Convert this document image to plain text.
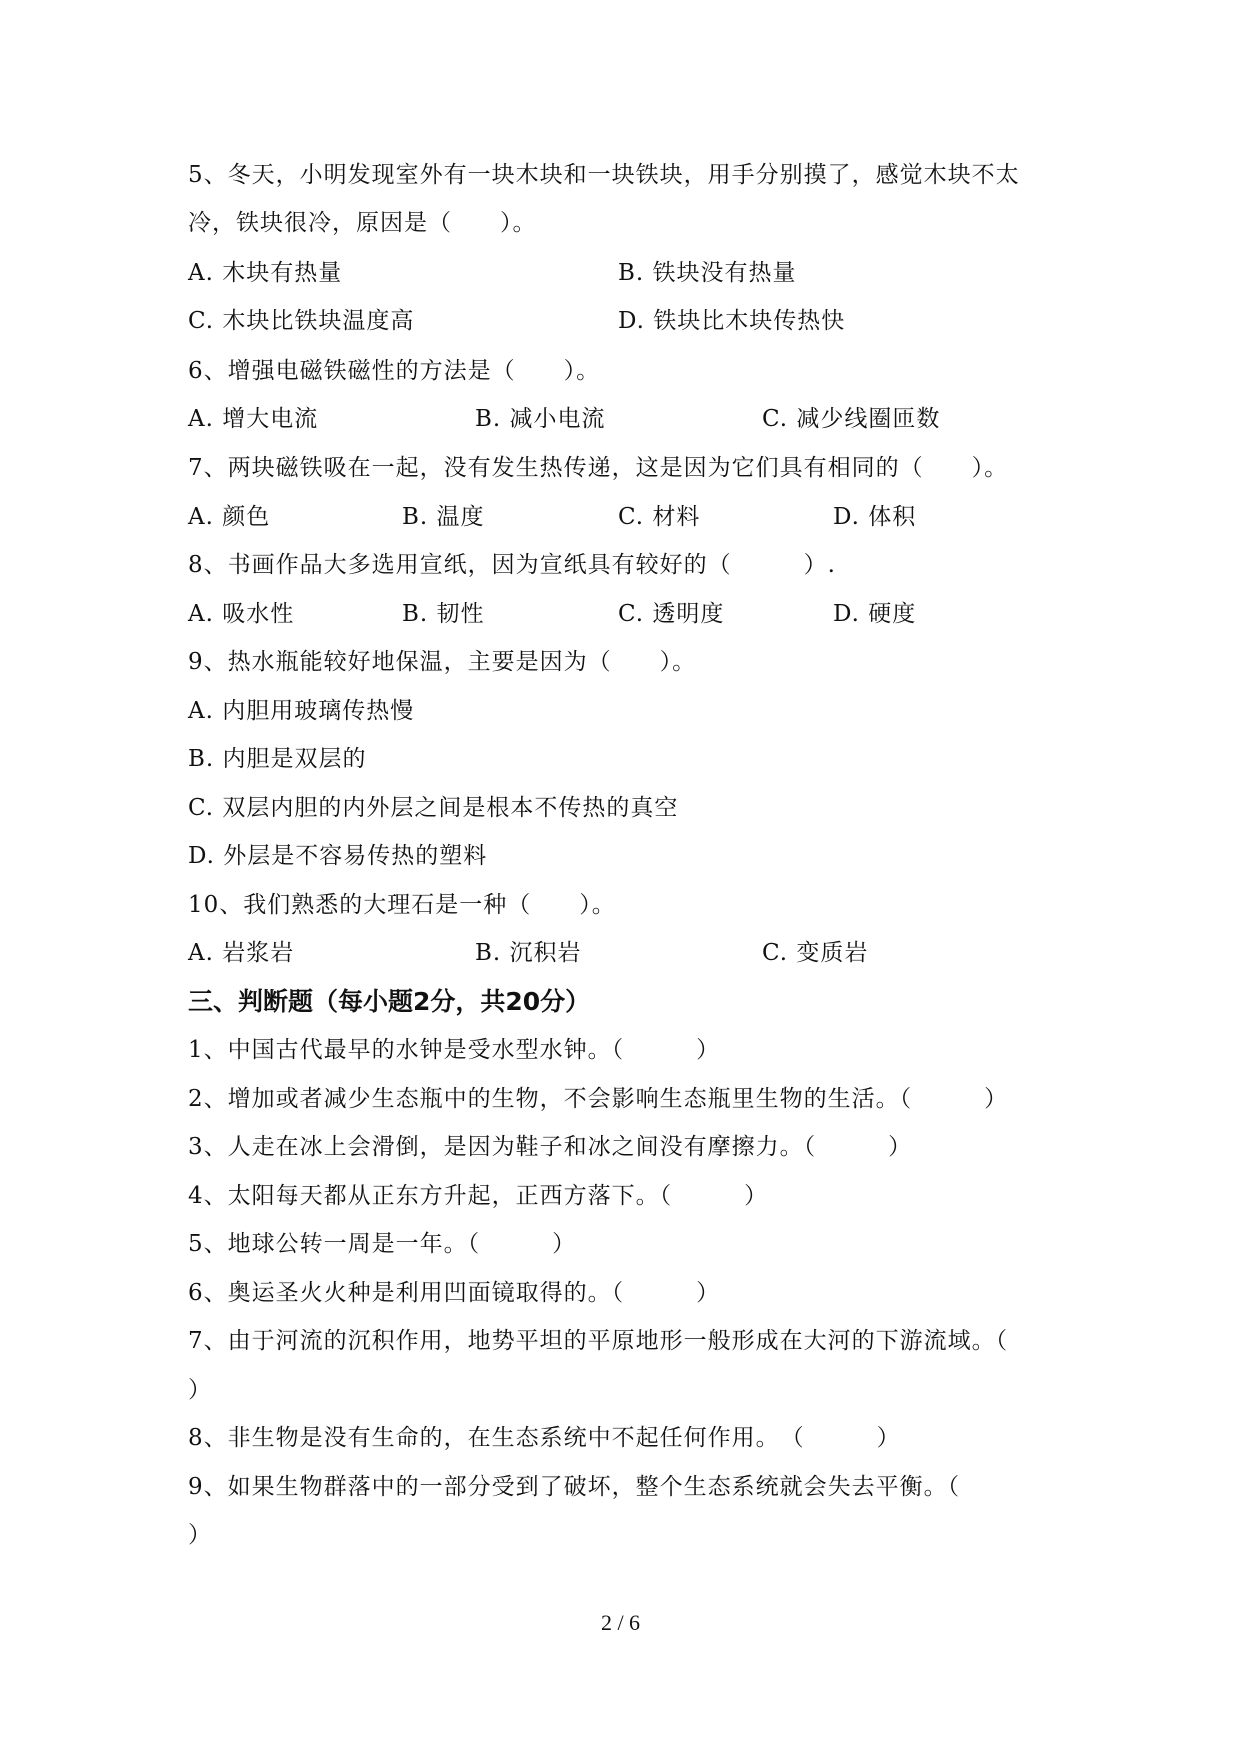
5、冬天，小明发现室外有一块木块和一块铁块，用手分别摸了，感觉木块不太
冷，铁块很冷，原因是（　　）。
A. 木块有热量	B. 铁块没有热量
C. 木块比铁块温度高	D. 铁块比木块传热快
6、增强电磁铁磁性的方法是（　　）。
A. 增大电流	B. 减小电流	C. 减少线圈匝数
7、两块磁铁吸在一起，没有发生热传递，这是因为它们具有相同的（　　）。
A. 颜色	B. 温度	C. 材料	D. 体积
8、书画作品大多选用宣纸，因为宣纸具有较好的（　　　）.
A. 吸水性	B. 韧性	C. 透明度	D. 硬度
9、热水瓶能较好地保温，主要是因为（　　）。
A. 内胆用玻璃传热慢
B. 内胆是双层的
C. 双层内胆的内外层之间是根本不传热的真空
D. 外层是不容易传热的塑料
10、我们熟悉的大理石是一种（　　）。
A. 岩浆岩	B. 沉积岩	C. 变质岩
三、判断题（每小题2分，共20分）
1、中国古代最早的水钟是受水型水钟。（　　　）
2、增加或者减少生态瓶中的生物，不会影响生态瓶里生物的生活。（　　　）
3、人走在冰上会滑倒，是因为鞋子和冰之间没有摩擦力。（　　　）
4、太阳每天都从正东方升起，正西方落下。（　　　）
5、地球公转一周是一年。（　　　）
6、奥运圣火火种是利用凹面镜取得的。（　　　）
7、由于河流的沉积作用，地势平坦的平原地形一般形成在大河的下游流域。（
）
8、非生物是没有生命的，在生态系统中不起任何作用。　（　　　）
9、如果生物群落中的一部分受到了破坏，整个生态系统就会失去平衡。（
）
2 / 6
